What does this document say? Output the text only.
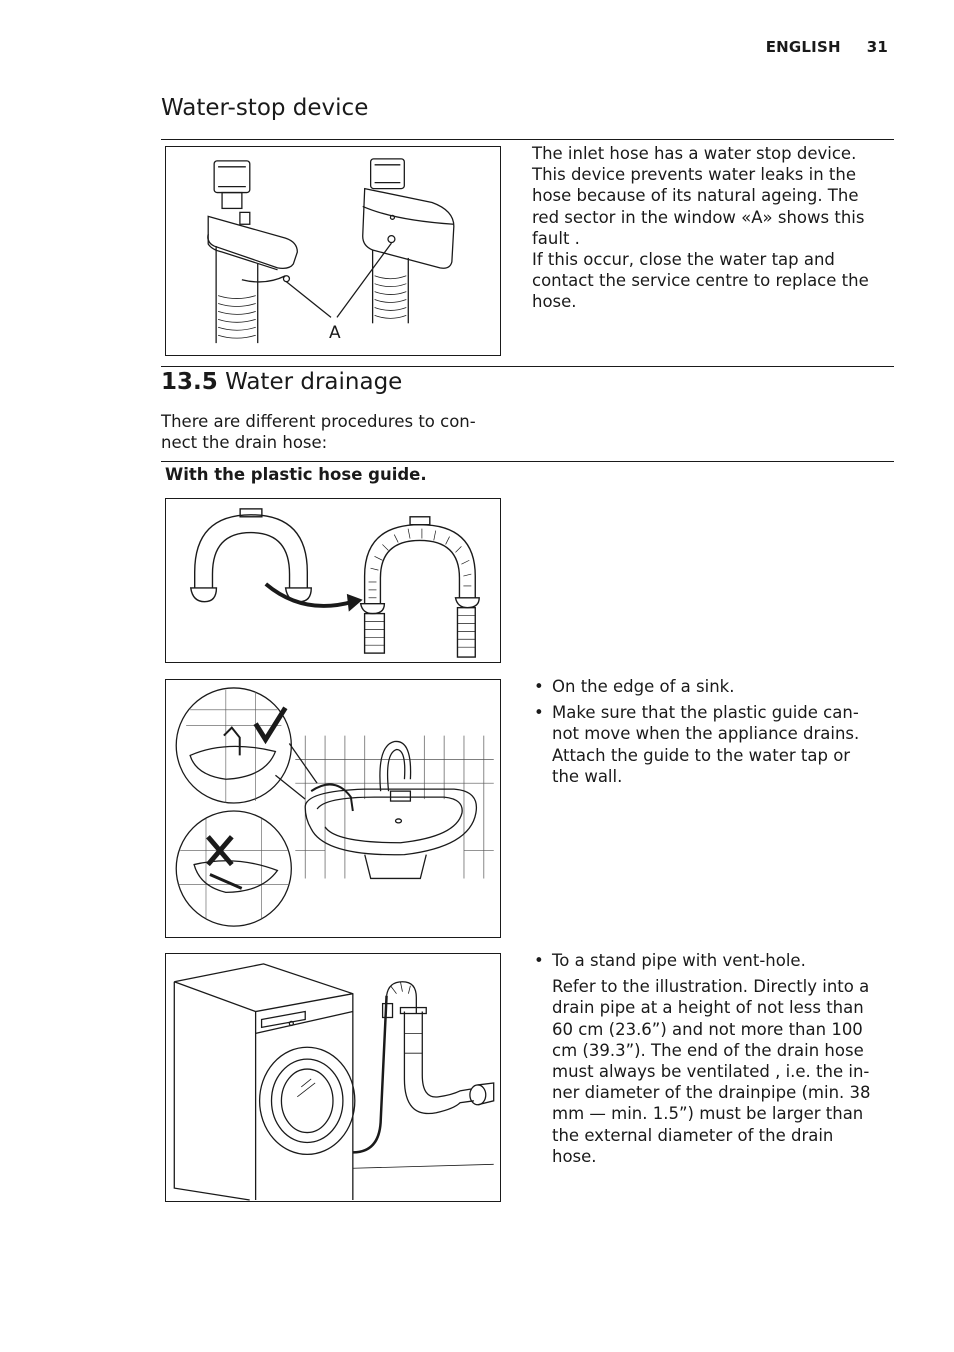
ENGLISH 31
Water-stop device
A
The inlet hose has a water stop device.
This device prevents water leaks in the
hose because of its natural ageing. The
red sector in the window «A» shows this
fault .
If this occur, close the water tap and
contact the service centre to replace the
hose.
13.5 Water drainage
There are different procedures to con-
nect the drain hose:
With the plastic hose guide.
• On the edge of a sink.
• Make sure that the plastic guide can-
not move when the appliance drains.
Attach the guide to the water tap or
the wall.
• To a stand pipe with vent-hole.
Refer to the illustration. Directly into a
drain pipe at a height of not less than
60 cm (23.6”) and not more than 100
cm (39.3”). The end of the drain hose
must always be ventilated , i.e. the in-
ner diameter of the drainpipe (min. 38
mm — min. 1.5”) must be larger than
the external diameter of the drain
hose.
